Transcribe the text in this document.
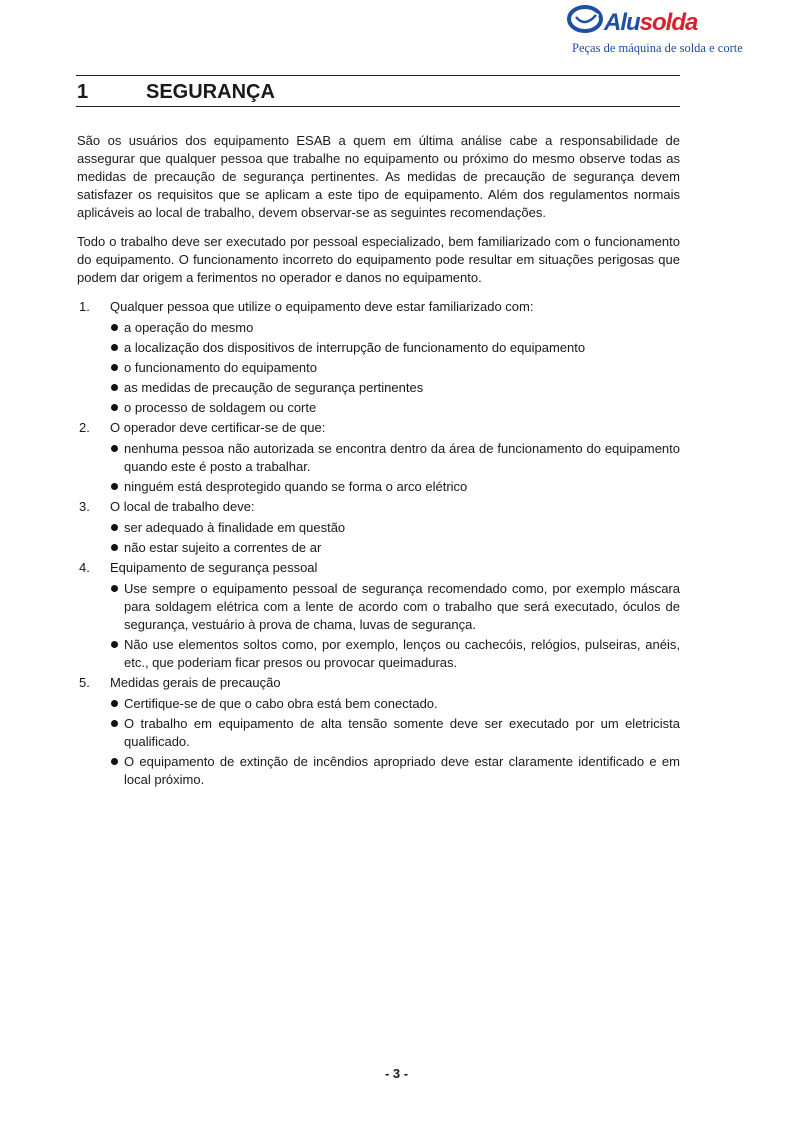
Alusolda
Peças de máquina de solda e corte
1	SEGURANÇA

São os usuários dos equipamento ESAB a quem em última análise cabe a responsabilidade de assegurar que qualquer pessoa que trabalhe no equipamento ou próximo do mesmo observe todas as medidas de precaução de segurança pertinentes. As medidas de precaução de segurança devem satisfazer os requisitos que se aplicam a este tipo de equipamento. Além dos regulamentos normais aplicáveis ao local de trabalho, devem observar-se as seguintes recomendações.

Todo o trabalho deve ser executado por pessoal especializado, bem familiarizado com o funcionamento do equipamento. O funcionamento incorreto do equipamento pode resultar em situações perigosas que podem dar origem a ferimentos no operador e danos no equipamento.

1. Qualquer pessoa que utilize o equipamento deve estar familiarizado com:
a operação do mesmo
a localização dos dispositivos de interrupção de funcionamento do equipamento
o funcionamento do equipamento
as medidas de precaução de segurança pertinentes
o processo de soldagem ou corte
2. O operador deve certificar-se de que:
nenhuma pessoa não autorizada se encontra dentro da área de funcionamento do equipamento quando este é posto a trabalhar.
ninguém está desprotegido quando se forma o arco elétrico
3. O local de trabalho deve:
ser adequado à finalidade em questão
não estar sujeito a correntes de ar
4. Equipamento de segurança pessoal
Use sempre o equipamento pessoal de segurança recomendado como, por exemplo máscara para soldagem elétrica com a lente de acordo com o trabalho que será executado, óculos de segurança, vestuário à prova de chama, luvas de segurança.
Não use elementos soltos como, por exemplo, lenços ou cachecóis, relógios, pulseiras, anéis, etc., que poderiam ficar presos ou provocar queimaduras.
5. Medidas gerais de precaução
Certifique-se de que o cabo obra está bem conectado.
O trabalho em equipamento de alta tensão somente deve ser executado por um eletricista qualificado.
O equipamento de extinção de incêndios apropriado deve estar claramente identificado e em local próximo.
- 3 -
